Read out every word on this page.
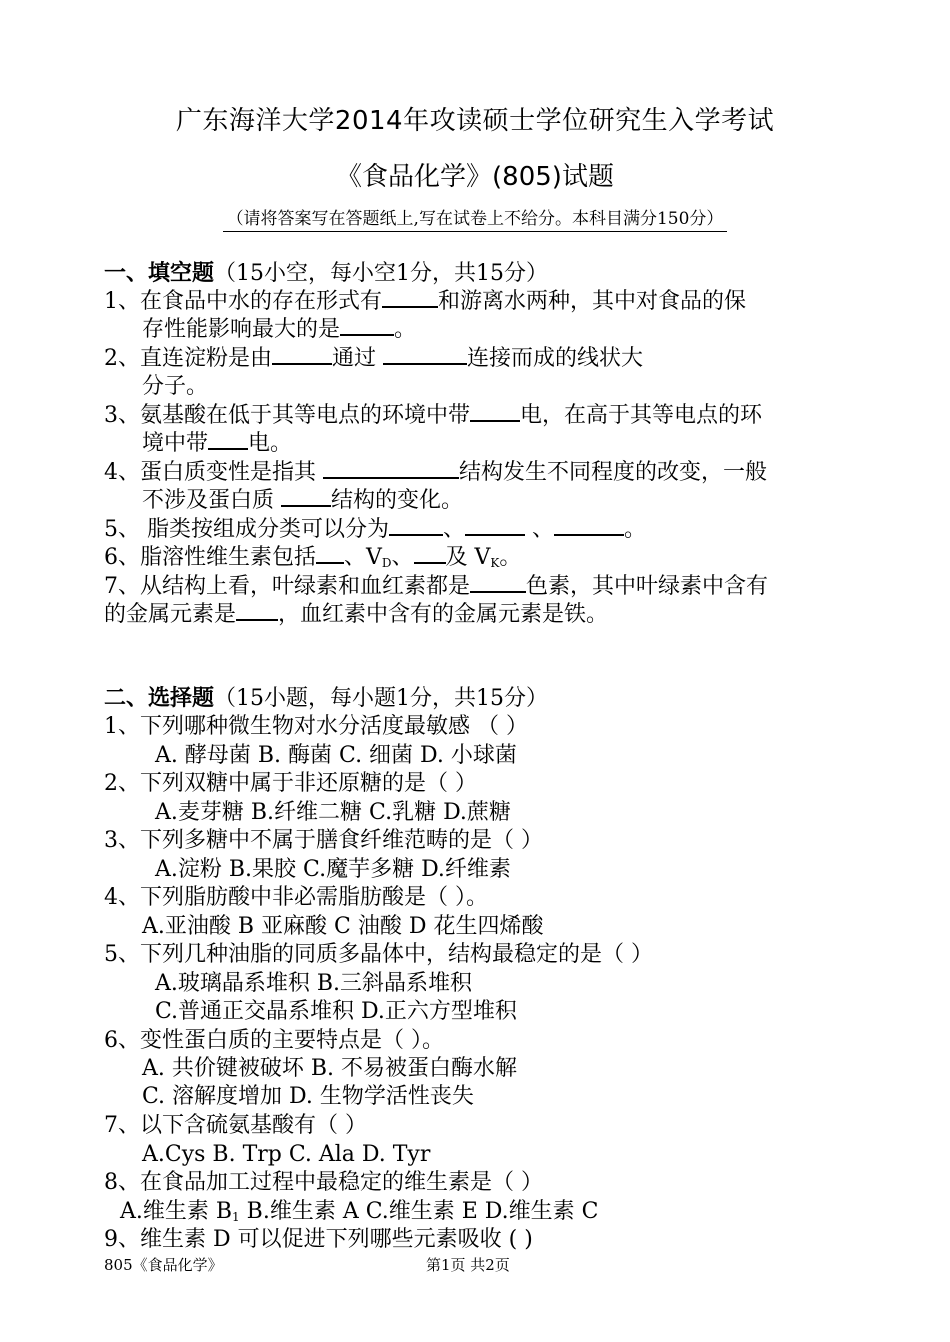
广东海洋大学2014年攻读硕士学位研究生入学考试
《食品化学》(805)试题
（请将答案写在答题纸上,写在试卷上不给分。本科目满分150分）
一、填空题（15小空，每小空1分，共15分）
1、在食品中水的存在形式有	和游离水两种，其中对食品的保
存性能影响最大的是 。
2、直连淀粉是由	通过	连接而成的线状大
分子。
3、氨基酸在低于其等电点的环境中带 电，在高于其等电点的环
境中带 电。
4、蛋白质变性是指其	结构发生不同程度的改变，一般
不涉及蛋白质 结构的变化。
5、 脂类按组成分类可以分为 、	、	。
6、脂溶性维生素包括 、$V_D$、 及 $V_K$。
7、从结构上看，叶绿素和血红素都是	色素，其中叶绿素中含有
的金属元素是 ，血红素中含有的金属元素是铁。
二、选择题（15小题，每小题1分，共15分）
1、下列哪种微生物对水分活度最敏感 （ ）
A. 酵母菌 B. 酶菌 C. 细菌 D. 小球菌
2、下列双糖中属于非还原糖的是（ ）
A.麦芽糖 B.纤维二糖 C.乳糖 D.蔗糖
3、下列多糖中不属于膳食纤维范畴的是（ ）
A.淀粉 B.果胶 C.魔芋多糖 D.纤维素
4、下列脂肪酸中非必需脂肪酸是（ ）。
A.亚油酸 B 亚麻酸 C 油酸 D 花生四烯酸
5、下列几种油脂的同质多晶体中，结构最稳定的是（ ）
A.玻璃晶系堆积 B.三斜晶系堆积
C.普通正交晶系堆积 D.正六方型堆积
6、变性蛋白质的主要特点是（ ）。
A. 共价键被破坏 B. 不易被蛋白酶水解
C. 溶解度增加 D. 生物学活性丧失
7、以下含硫氨基酸有（ ）
A.Cys B. Trp C. Ala D. Tyr
8、在食品加工过程中最稳定的维生素是（ ）
A.维生素 $B_1$ B.维生素 A C.维生素 E D.维生素 C
9、维生素 D 可以促进下列哪些元素吸收 ( )
805《食品化学》	第1页 共2页
